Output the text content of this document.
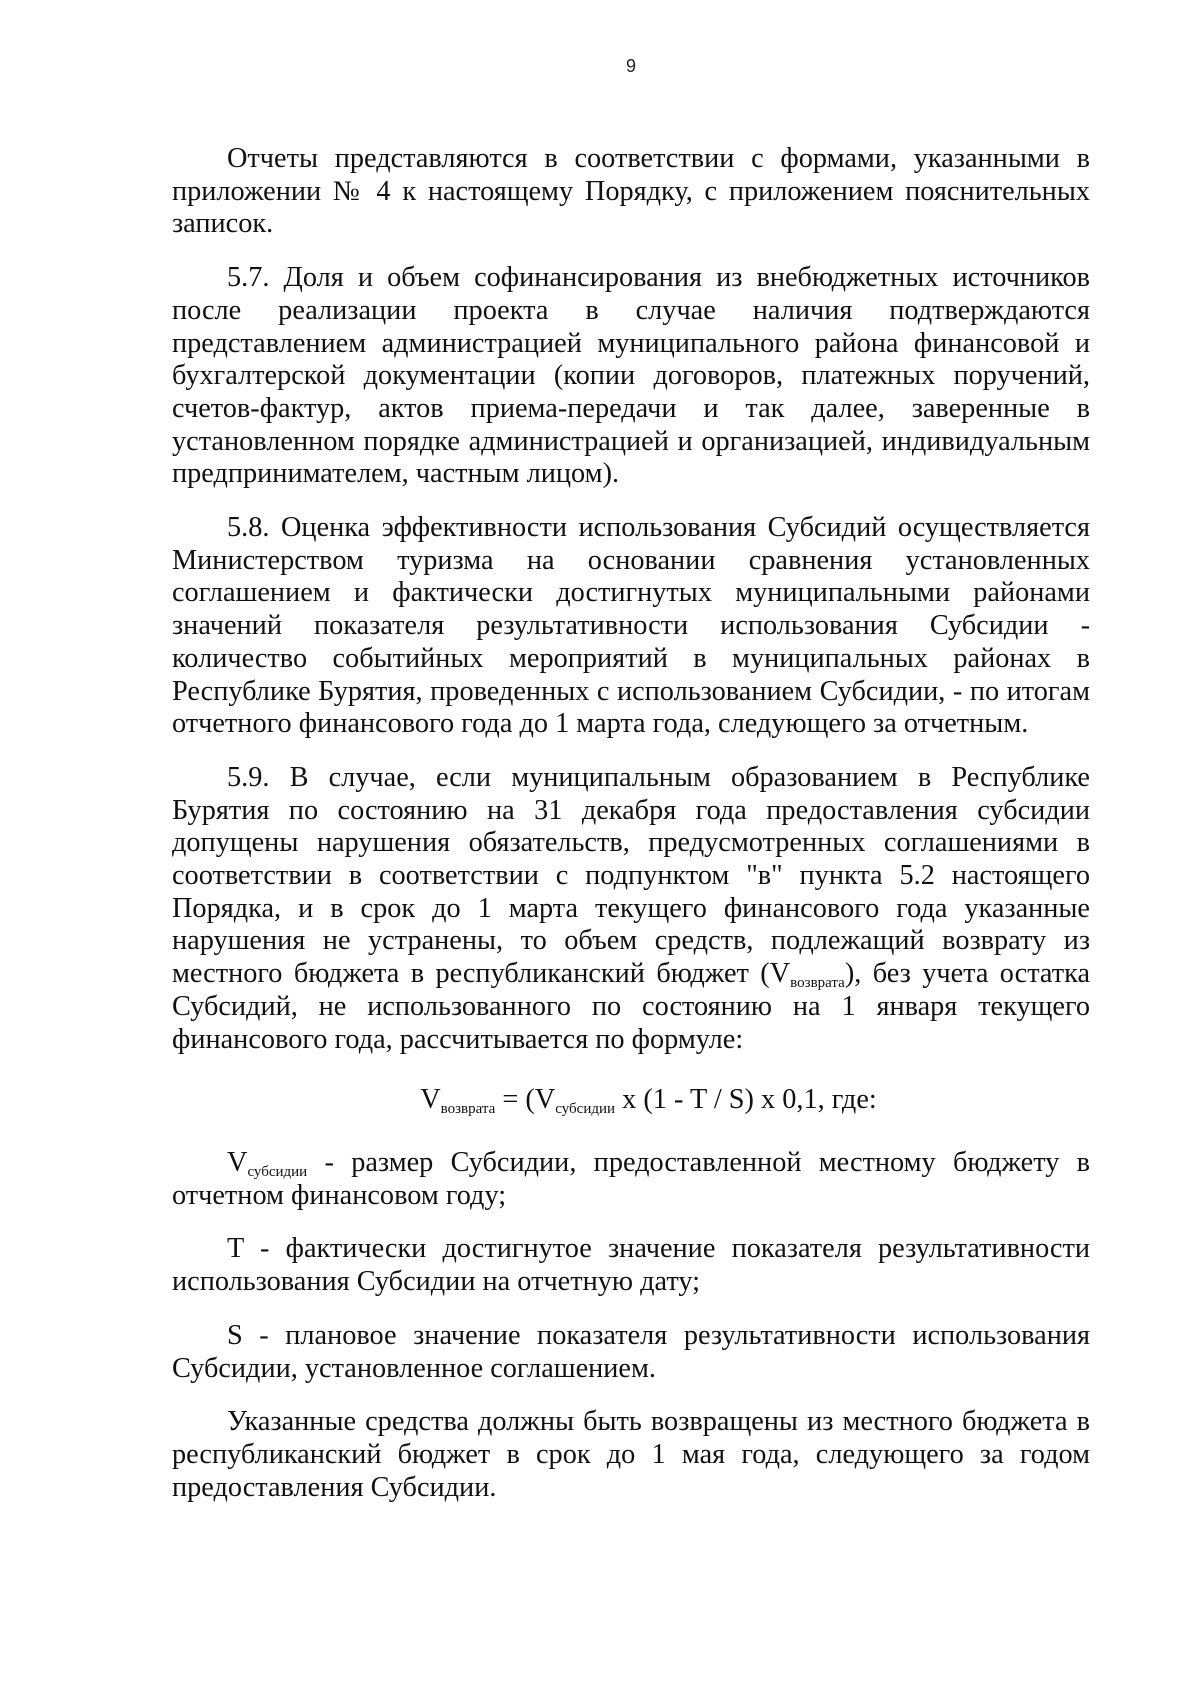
9

Отчеты представляются в соответствии с формами, указанными в приложении № 4 к настоящему Порядку, с приложением пояснительных записок.

5.7. Доля и объем софинансирования из внебюджетных источников после реализации проекта в случае наличия подтверждаются представлением администрацией муниципального района финансовой и бухгалтерской документации (копии договоров, платежных поручений, счетов-фактур, актов приема-передачи и так далее, заверенные в установленном порядке администрацией и организацией, индивидуальным предпринимателем, частным лицом).

5.8. Оценка эффективности использования Субсидий осуществляется Министерством туризма на основании сравнения установленных соглашением и фактически достигнутых муниципальными районами значений показателя результативности использования Субсидии - количество событийных мероприятий в муниципальных районах в Республике Бурятия, проведенных с использованием Субсидии, - по итогам отчетного финансового года до 1 марта года, следующего за отчетным.

5.9. В случае, если муниципальным образованием в Республике Бурятия по состоянию на 31 декабря года предоставления субсидии допущены нарушения обязательств, предусмотренных соглашениями в соответствии в соответствии с подпунктом "в" пункта 5.2 настоящего Порядка, и в срок до 1 марта текущего финансового года указанные нарушения не устранены, то объем средств, подлежащий возврату из местного бюджета в республиканский бюджет $(V_{возврата})$, без учета остатка Субсидий, не использованного по состоянию на 1 января текущего финансового года, рассчитывается по формуле:

$V_{возврата} = (V_{субсидии}$ x (1 - T / S) x 0,1, где:

$V_{субсидии}$ - размер Субсидии, предоставленной местному бюджету в отчетном финансовом году;

T - фактически достигнутое значение показателя результативности использования Субсидии на отчетную дату;

S - плановое значение показателя результативности использования Субсидии, установленное соглашением.

Указанные средства должны быть возвращены из местного бюджета в республиканский бюджет в срок до 1 мая года, следующего за годом предоставления Субсидии.
